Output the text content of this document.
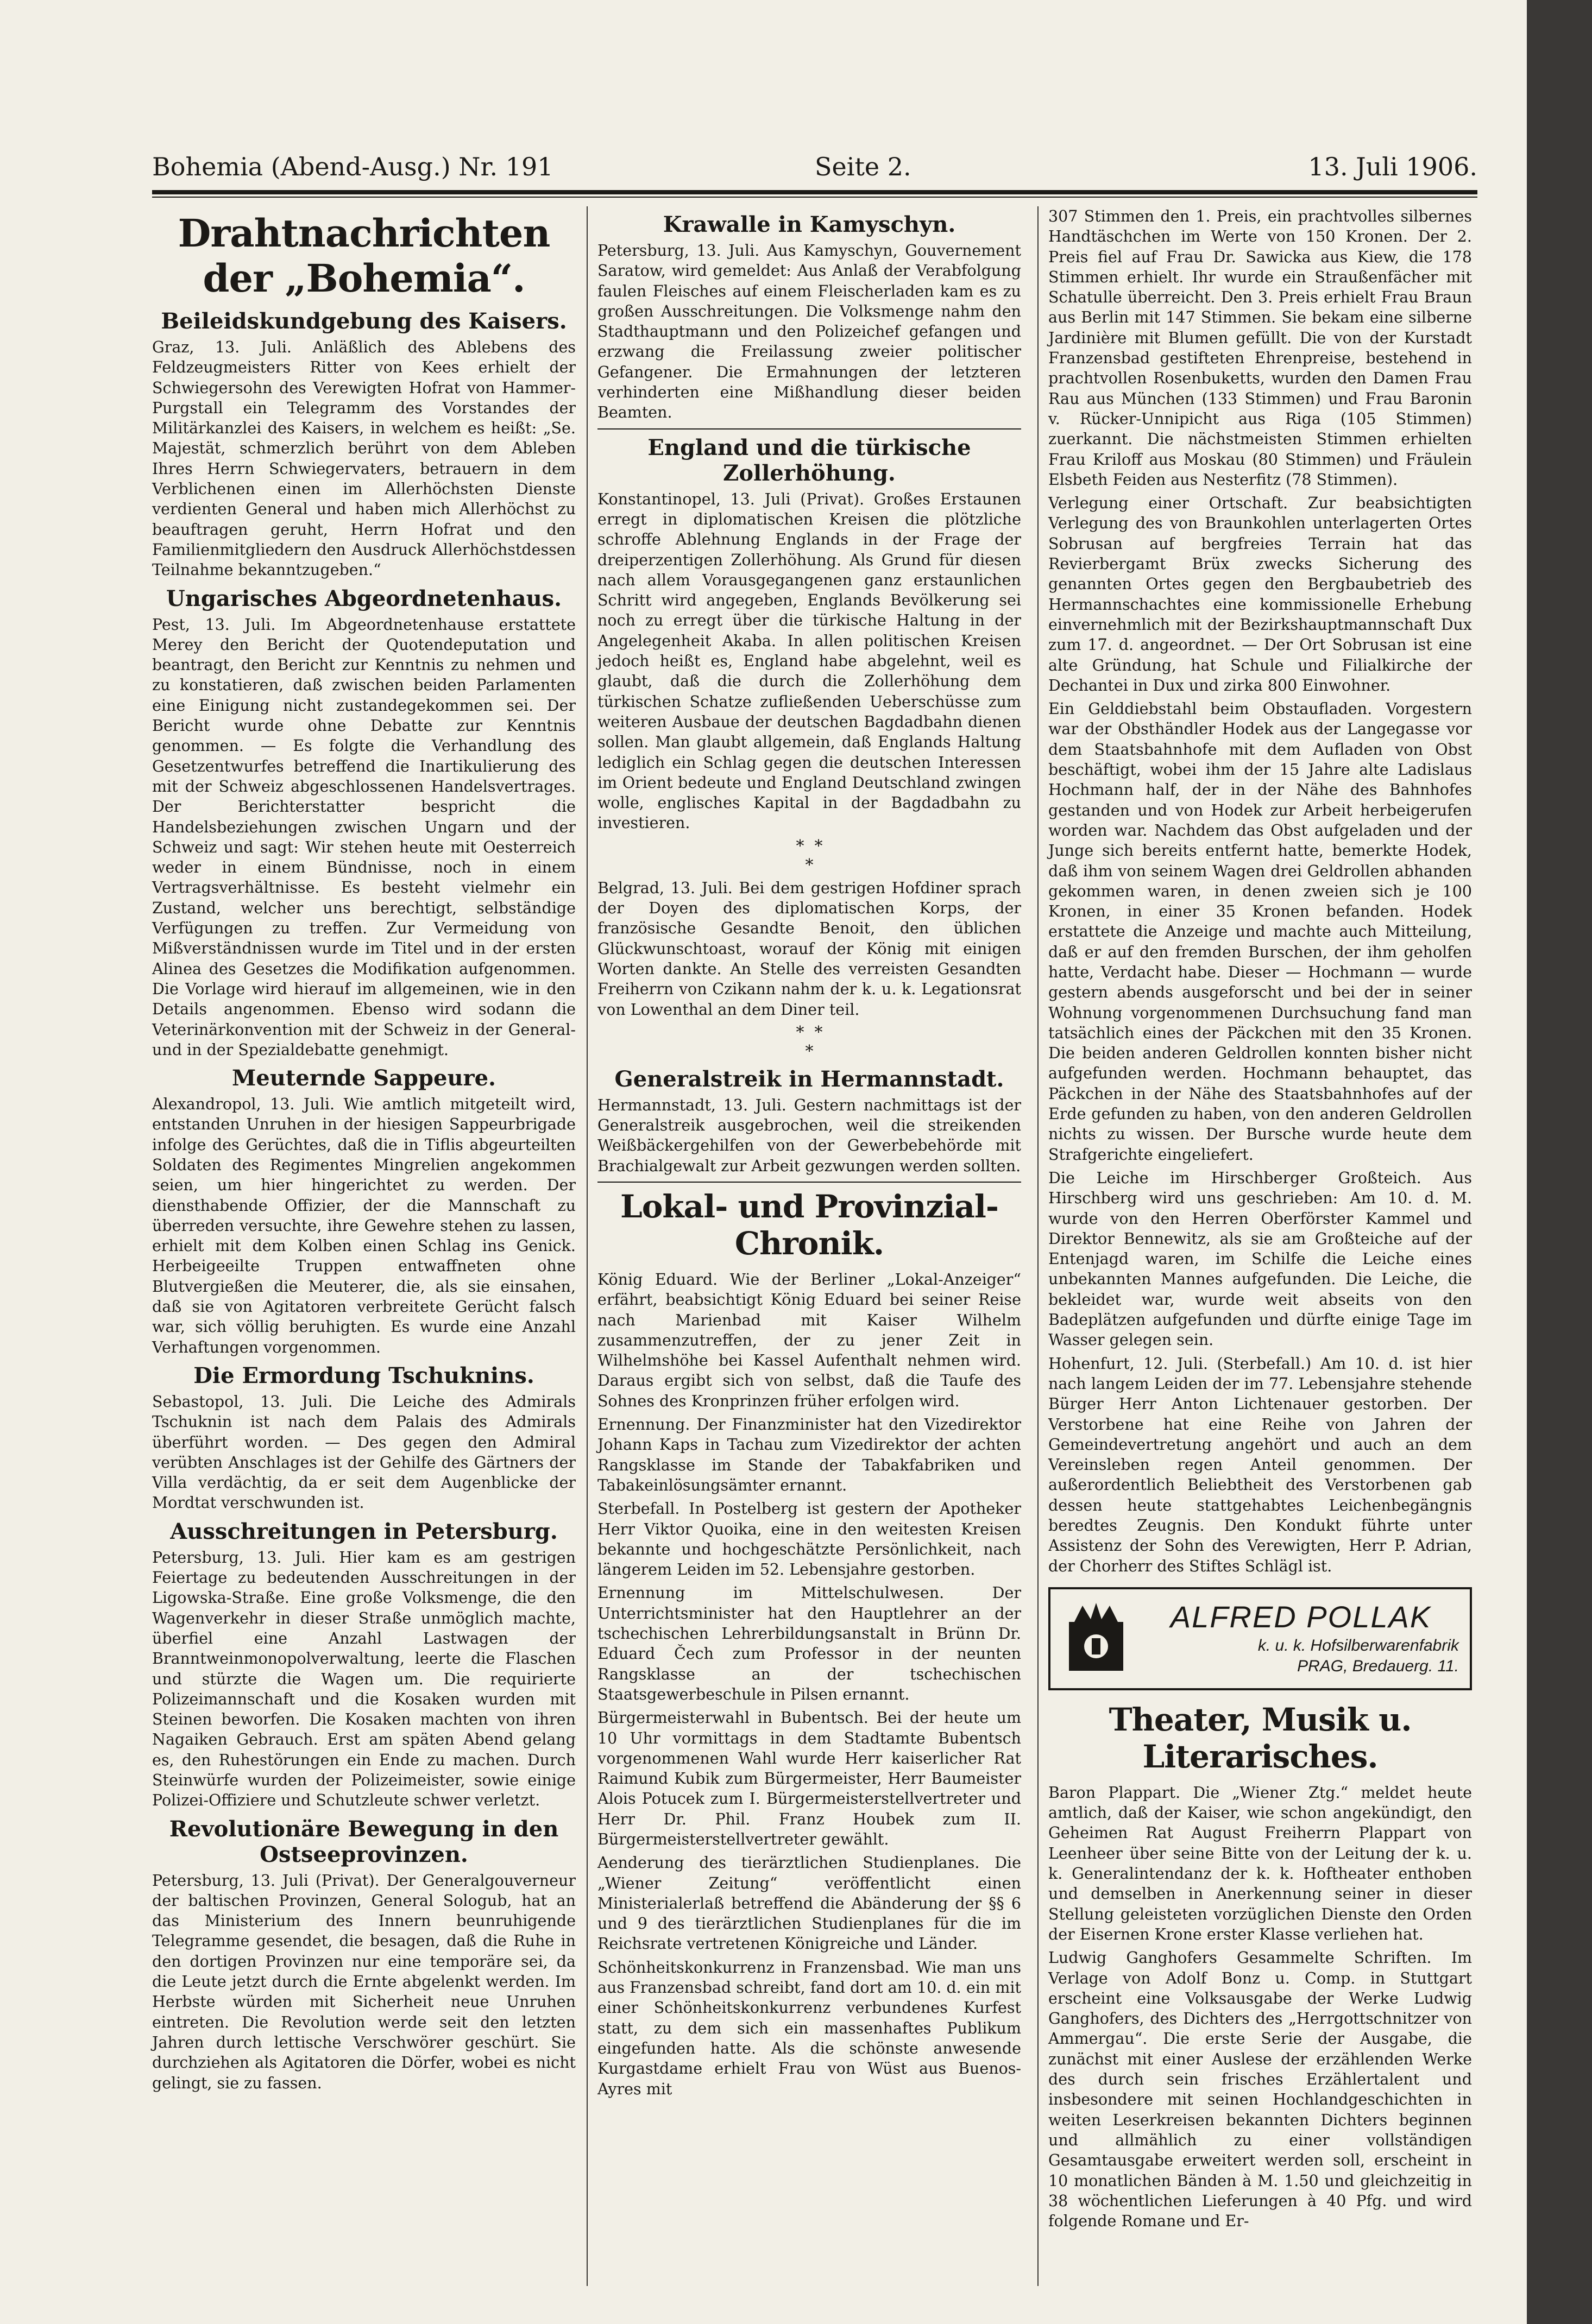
Bohemia (Abend-Ausg.) Nr. 191	Seite 2.	13. Juli 1906.
Drahtnachrichten der „Bohemia“.
Beileidskundgebung des Kaisers.

Graz, 13. Juli. Anläßlich des Ablebens des Feldzeugmeisters Ritter von Kees erhielt der Schwiegersohn des Verewigten Hofrat von Hammer-Purgstall ein Telegramm des Vorstandes der Militärkanzlei des Kaisers, in welchem es heißt: „Se. Majestät, schmerzlich berührt von dem Ableben Ihres Herrn Schwiegervaters, betrauern in dem Verblichenen einen im Allerhöchsten Dienste verdienten General und haben mich Allerhöchst zu beauftragen geruht, Herrn Hofrat und den Familienmitgliedern den Ausdruck Allerhöchstdessen Teilnahme bekanntzugeben.“

Ungarisches Abgeordnetenhaus.

Pest, 13. Juli. Im Abgeordnetenhause erstattete Merey den Bericht der Quotendeputation und beantragt, den Bericht zur Kenntnis zu nehmen und zu konstatieren, daß zwischen beiden Parlamenten eine Einigung nicht zustandegekommen sei. Der Bericht wurde ohne Debatte zur Kenntnis genommen. — Es folgte die Verhandlung des Gesetzentwurfes betreffend die Inartikulierung des mit der Schweiz abgeschlossenen Handelsvertrages. Der Berichterstatter bespricht die Handelsbeziehungen zwischen Ungarn und der Schweiz und sagt: Wir stehen heute mit Oesterreich weder in einem Bündnisse, noch in einem Vertragsverhältnisse. Es besteht vielmehr ein Zustand, welcher uns berechtigt, selbständige Verfügungen zu treffen. Zur Vermeidung von Mißverständnissen wurde im Titel und in der ersten Alinea des Gesetzes die Modifikation aufgenommen. Die Vorlage wird hierauf im allgemeinen, wie in den Details angenommen. Ebenso wird sodann die Veterinärkonvention mit der Schweiz in der General- und in der Spezialdebatte genehmigt.

Meuternde Sappeure.

Alexandropol, 13. Juli. Wie amtlich mitgeteilt wird, entstanden Unruhen in der hiesigen Sappeurbrigade infolge des Gerüchtes, daß die in Tiflis abgeurteilten Soldaten des Regimentes Mingrelien angekommen seien, um hier hingerichtet zu werden. Der diensthabende Offizier, der die Mannschaft zu überreden versuchte, ihre Gewehre stehen zu lassen, erhielt mit dem Kolben einen Schlag ins Genick. Herbeigeeilte Truppen entwaffneten ohne Blutvergießen die Meuterer, die, als sie einsahen, daß sie von Agitatoren verbreitete Gerücht falsch war, sich völlig beruhigten. Es wurde eine Anzahl Verhaftungen vorgenommen.

Die Ermordung Tschuknins.

Sebastopol, 13. Juli. Die Leiche des Admirals Tschuknin ist nach dem Palais des Admirals überführt worden. — Des gegen den Admiral verübten Anschlages ist der Gehilfe des Gärtners der Villa verdächtig, da er seit dem Augenblicke der Mordtat verschwunden ist.

Ausschreitungen in Petersburg.

Petersburg, 13. Juli. Hier kam es am gestrigen Feiertage zu bedeutenden Ausschreitungen in der Ligowska-Straße. Eine große Volksmenge, die den Wagenverkehr in dieser Straße unmöglich machte, überfiel eine Anzahl Lastwagen der Branntweinmonopolverwaltung, leerte die Flaschen und stürzte die Wagen um. Die requirierte Polizeimannschaft und die Kosaken wurden mit Steinen beworfen. Die Kosaken machten von ihren Nagaiken Gebrauch. Erst am späten Abend gelang es, den Ruhestörungen ein Ende zu machen. Durch Steinwürfe wurden der Polizeimeister, sowie einige Polizei-Offiziere und Schutzleute schwer verletzt.

Revolutionäre Bewegung in den Ostseeprovinzen.

Petersburg, 13. Juli (Privat). Der Generalgouverneur der baltischen Provinzen, General Sologub, hat an das Ministerium des Innern beunruhigende Telegramme gesendet, die besagen, daß die Ruhe in den dortigen Provinzen nur eine temporäre sei, da die Leute jetzt durch die Ernte abgelenkt werden. Im Herbste würden mit Sicherheit neue Unruhen eintreten. Die Revolution werde seit den letzten Jahren durch lettische Verschwörer geschürt. Sie durchziehen als Agitatoren die Dörfer, wobei es nicht gelingt, sie zu fassen.

Krawalle in Kamyschyn.

Petersburg, 13. Juli. Aus Kamyschyn, Gouvernement Saratow, wird gemeldet: Aus Anlaß der Verabfolgung faulen Fleisches auf einem Fleischerladen kam es zu großen Ausschreitungen. Die Volksmenge nahm den Stadthauptmann und den Polizeichef gefangen und erzwang die Freilassung zweier politischer Gefangener. Die Ermahnungen der letzteren verhinderten eine Mißhandlung dieser beiden Beamten.

England und die türkische Zollerhöhung.

Konstantinopel, 13. Juli (Privat). Großes Erstaunen erregt in diplomatischen Kreisen die plötzliche schroffe Ablehnung Englands in der Frage der dreiperzentigen Zollerhöhung. Als Grund für diesen nach allem Vorausgegangenen ganz erstaunlichen Schritt wird angegeben, Englands Bevölkerung sei noch zu erregt über die türkische Haltung in der Angelegenheit Akaba. In allen politischen Kreisen jedoch heißt es, England habe abgelehnt, weil es glaubt, daß die durch die Zollerhöhung dem türkischen Schatze zufließenden Ueberschüsse zum weiteren Ausbaue der deutschen Bagdadbahn dienen sollen. Man glaubt allgemein, daß Englands Haltung lediglich ein Schlag gegen die deutschen Interessen im Orient bedeute und England Deutschland zwingen wolle, englisches Kapital in der Bagdadbahn zu investieren.

*  *
*

Belgrad, 13. Juli. Bei dem gestrigen Hofdiner sprach der Doyen des diplomatischen Korps, der französische Gesandte Benoit, den üblichen Glückwunschtoast, worauf der König mit einigen Worten dankte. An Stelle des verreisten Gesandten Freiherrn von Czikann nahm der k. u. k. Legationsrat von Lowenthal an dem Diner teil.

*  *
*
Generalstreik in Hermannstadt.

Hermannstadt, 13. Juli. Gestern nachmittags ist der Generalstreik ausgebrochen, weil die streikenden Weißbäckergehilfen von der Gewerbebehörde mit Brachialgewalt zur Arbeit gezwungen werden sollten.

Lokal- und Provinzial-Chronik.

König Eduard. Wie der Berliner „Lokal-Anzeiger“ erfährt, beabsichtigt König Eduard bei seiner Reise nach Marienbad mit Kaiser Wilhelm zusammenzutreffen, der zu jener Zeit in Wilhelmshöhe bei Kassel Aufenthalt nehmen wird. Daraus ergibt sich von selbst, daß die Taufe des Sohnes des Kronprinzen früher erfolgen wird.

Ernennung. Der Finanzminister hat den Vizedirektor Johann Kaps in Tachau zum Vizedirektor der achten Rangsklasse im Stande der Tabakfabriken und Tabakeinlösungsämter ernannt.

Sterbefall. In Postelberg ist gestern der Apotheker Herr Viktor Quoika, eine in den weitesten Kreisen bekannte und hochgeschätzte Persönlichkeit, nach längerem Leiden im 52. Lebensjahre gestorben.

Ernennung im Mittelschulwesen. Der Unterrichtsminister hat den Hauptlehrer an der tschechischen Lehrerbildungsanstalt in Brünn Dr. Eduard Čech zum Professor in der neunten Rangsklasse an der tschechischen Staatsgewerbeschule in Pilsen ernannt.

Bürgermeisterwahl in Bubentsch. Bei der heute um 10 Uhr vormittags in dem Stadtamte Bubentsch vorgenommenen Wahl wurde Herr kaiserlicher Rat Raimund Kubik zum Bürgermeister, Herr Baumeister Alois Potucek zum I. Bürgermeisterstellvertreter und Herr Dr. Phil. Franz Houbek zum II. Bürgermeisterstellvertreter gewählt.

Aenderung des tierärztlichen Studienplanes. Die „Wiener Zeitung“ veröffentlicht einen Ministerialerlaß betreffend die Abänderung der §§ 6 und 9 des tierärztlichen Studienplanes für die im Reichsrate vertretenen Königreiche und Länder.

Schönheitskonkurrenz in Franzensbad. Wie man uns aus Franzensbad schreibt, fand dort am 10. d. ein mit einer Schönheitskonkurrenz verbundenes Kurfest statt, zu dem sich ein massenhaftes Publikum eingefunden hatte. Als die schönste anwesende Kurgastdame erhielt Frau von Wüst aus Buenos-Ayres mit

307 Stimmen den 1. Preis, ein prachtvolles silbernes Handtäschchen im Werte von 150 Kronen. Der 2. Preis fiel auf Frau Dr. Sawicka aus Kiew, die 178 Stimmen erhielt. Ihr wurde ein Straußenfächer mit Schatulle überreicht. Den 3. Preis erhielt Frau Braun aus Berlin mit 147 Stimmen. Sie bekam eine silberne Jardinière mit Blumen gefüllt. Die von der Kurstadt Franzensbad gestifteten Ehrenpreise, bestehend in prachtvollen Rosenbuketts, wurden den Damen Frau Rau aus München (133 Stimmen) und Frau Baronin v. Rücker-Unnipicht aus Riga (105 Stimmen) zuerkannt. Die nächstmeisten Stimmen erhielten Frau Kriloff aus Moskau (80 Stimmen) und Fräulein Elsbeth Feiden aus Nesterfitz (78 Stimmen).

Verlegung einer Ortschaft. Zur beabsichtigten Verlegung des von Braunkohlen unterlagerten Ortes Sobrusan auf bergfreies Terrain hat das Revierbergamt Brüx zwecks Sicherung des genannten Ortes gegen den Bergbaubetrieb des Hermannschachtes eine kommissionelle Erhebung einvernehmlich mit der Bezirkshauptmannschaft Dux zum 17. d. angeordnet. — Der Ort Sobrusan ist eine alte Gründung, hat Schule und Filialkirche der Dechantei in Dux und zirka 800 Einwohner.

Ein Gelddiebstahl beim Obstaufladen. Vorgestern war der Obsthändler Hodek aus der Langegasse vor dem Staatsbahnhofe mit dem Aufladen von Obst beschäftigt, wobei ihm der 15 Jahre alte Ladislaus Hochmann half, der in der Nähe des Bahnhofes gestanden und von Hodek zur Arbeit herbeigerufen worden war. Nachdem das Obst aufgeladen und der Junge sich bereits entfernt hatte, bemerkte Hodek, daß ihm von seinem Wagen drei Geldrollen abhanden gekommen waren, in denen zweien sich je 100 Kronen, in einer 35 Kronen befanden. Hodek erstattete die Anzeige und machte auch Mitteilung, daß er auf den fremden Burschen, der ihm geholfen hatte, Verdacht habe. Dieser — Hochmann — wurde gestern abends ausgeforscht und bei der in seiner Wohnung vorgenommenen Durchsuchung fand man tatsächlich eines der Päckchen mit den 35 Kronen. Die beiden anderen Geldrollen konnten bisher nicht aufgefunden werden. Hochmann behauptet, das Päckchen in der Nähe des Staatsbahnhofes auf der Erde gefunden zu haben, von den anderen Geldrollen nichts zu wissen. Der Bursche wurde heute dem Strafgerichte eingeliefert.

Die Leiche im Hirschberger Großteich. Aus Hirschberg wird uns geschrieben: Am 10. d. M. wurde von den Herren Oberförster Kammel und Direktor Bennewitz, als sie am Großteiche auf der Entenjagd waren, im Schilfe die Leiche eines unbekannten Mannes aufgefunden. Die Leiche, die bekleidet war, wurde weit abseits von den Badeplätzen aufgefunden und dürfte einige Tage im Wasser gelegen sein.

Hohenfurt, 12. Juli. (Sterbefall.) Am 10. d. ist hier nach langem Leiden der im 77. Lebensjahre stehende Bürger Herr Anton Lichtenauer gestorben. Der Verstorbene hat eine Reihe von Jahren der Gemeindevertretung angehört und auch an dem Vereinsleben regen Anteil genommen. Der außerordentlich Beliebtheit des Verstorbenen gab dessen heute stattgehabtes Leichenbegängnis beredtes Zeugnis. Den Kondukt führte unter Assistenz der Sohn des Verewigten, Herr P. Adrian, der Chorherr des Stiftes Schlägl ist.

ALFRED POLLAK
k. u. k. Hofsilberwarenfabrik
PRAG, Bredauerg. 11.
Theater, Musik u. Literarisches.

Baron Plappart. Die „Wiener Ztg.“ meldet heute amtlich, daß der Kaiser, wie schon angekündigt, den Geheimen Rat August Freiherrn Plappart von Leenheer über seine Bitte von der Leitung der k. u. k. Generalintendanz der k. k. Hoftheater enthoben und demselben in Anerkennung seiner in dieser Stellung geleisteten vorzüglichen Dienste den Orden der Eisernen Krone erster Klasse verliehen hat.

Ludwig Ganghofers Gesammelte Schriften. Im Verlage von Adolf Bonz u. Comp. in Stuttgart erscheint eine Volksausgabe der Werke Ludwig Ganghofers, des Dichters des „Herrgottschnitzer von Ammergau“. Die erste Serie der Ausgabe, die zunächst mit einer Auslese der erzählenden Werke des durch sein frisches Erzählertalent und insbesondere mit seinen Hochlandgeschichten in weiten Leserkreisen bekannten Dichters beginnen und allmählich zu einer vollständigen Gesamtausgabe erweitert werden soll, erscheint in 10 monatlichen Bänden à M. 1.50 und gleichzeitig in 38 wöchentlichen Lieferungen à 40 Pfg. und wird folgende Romane und Er-
